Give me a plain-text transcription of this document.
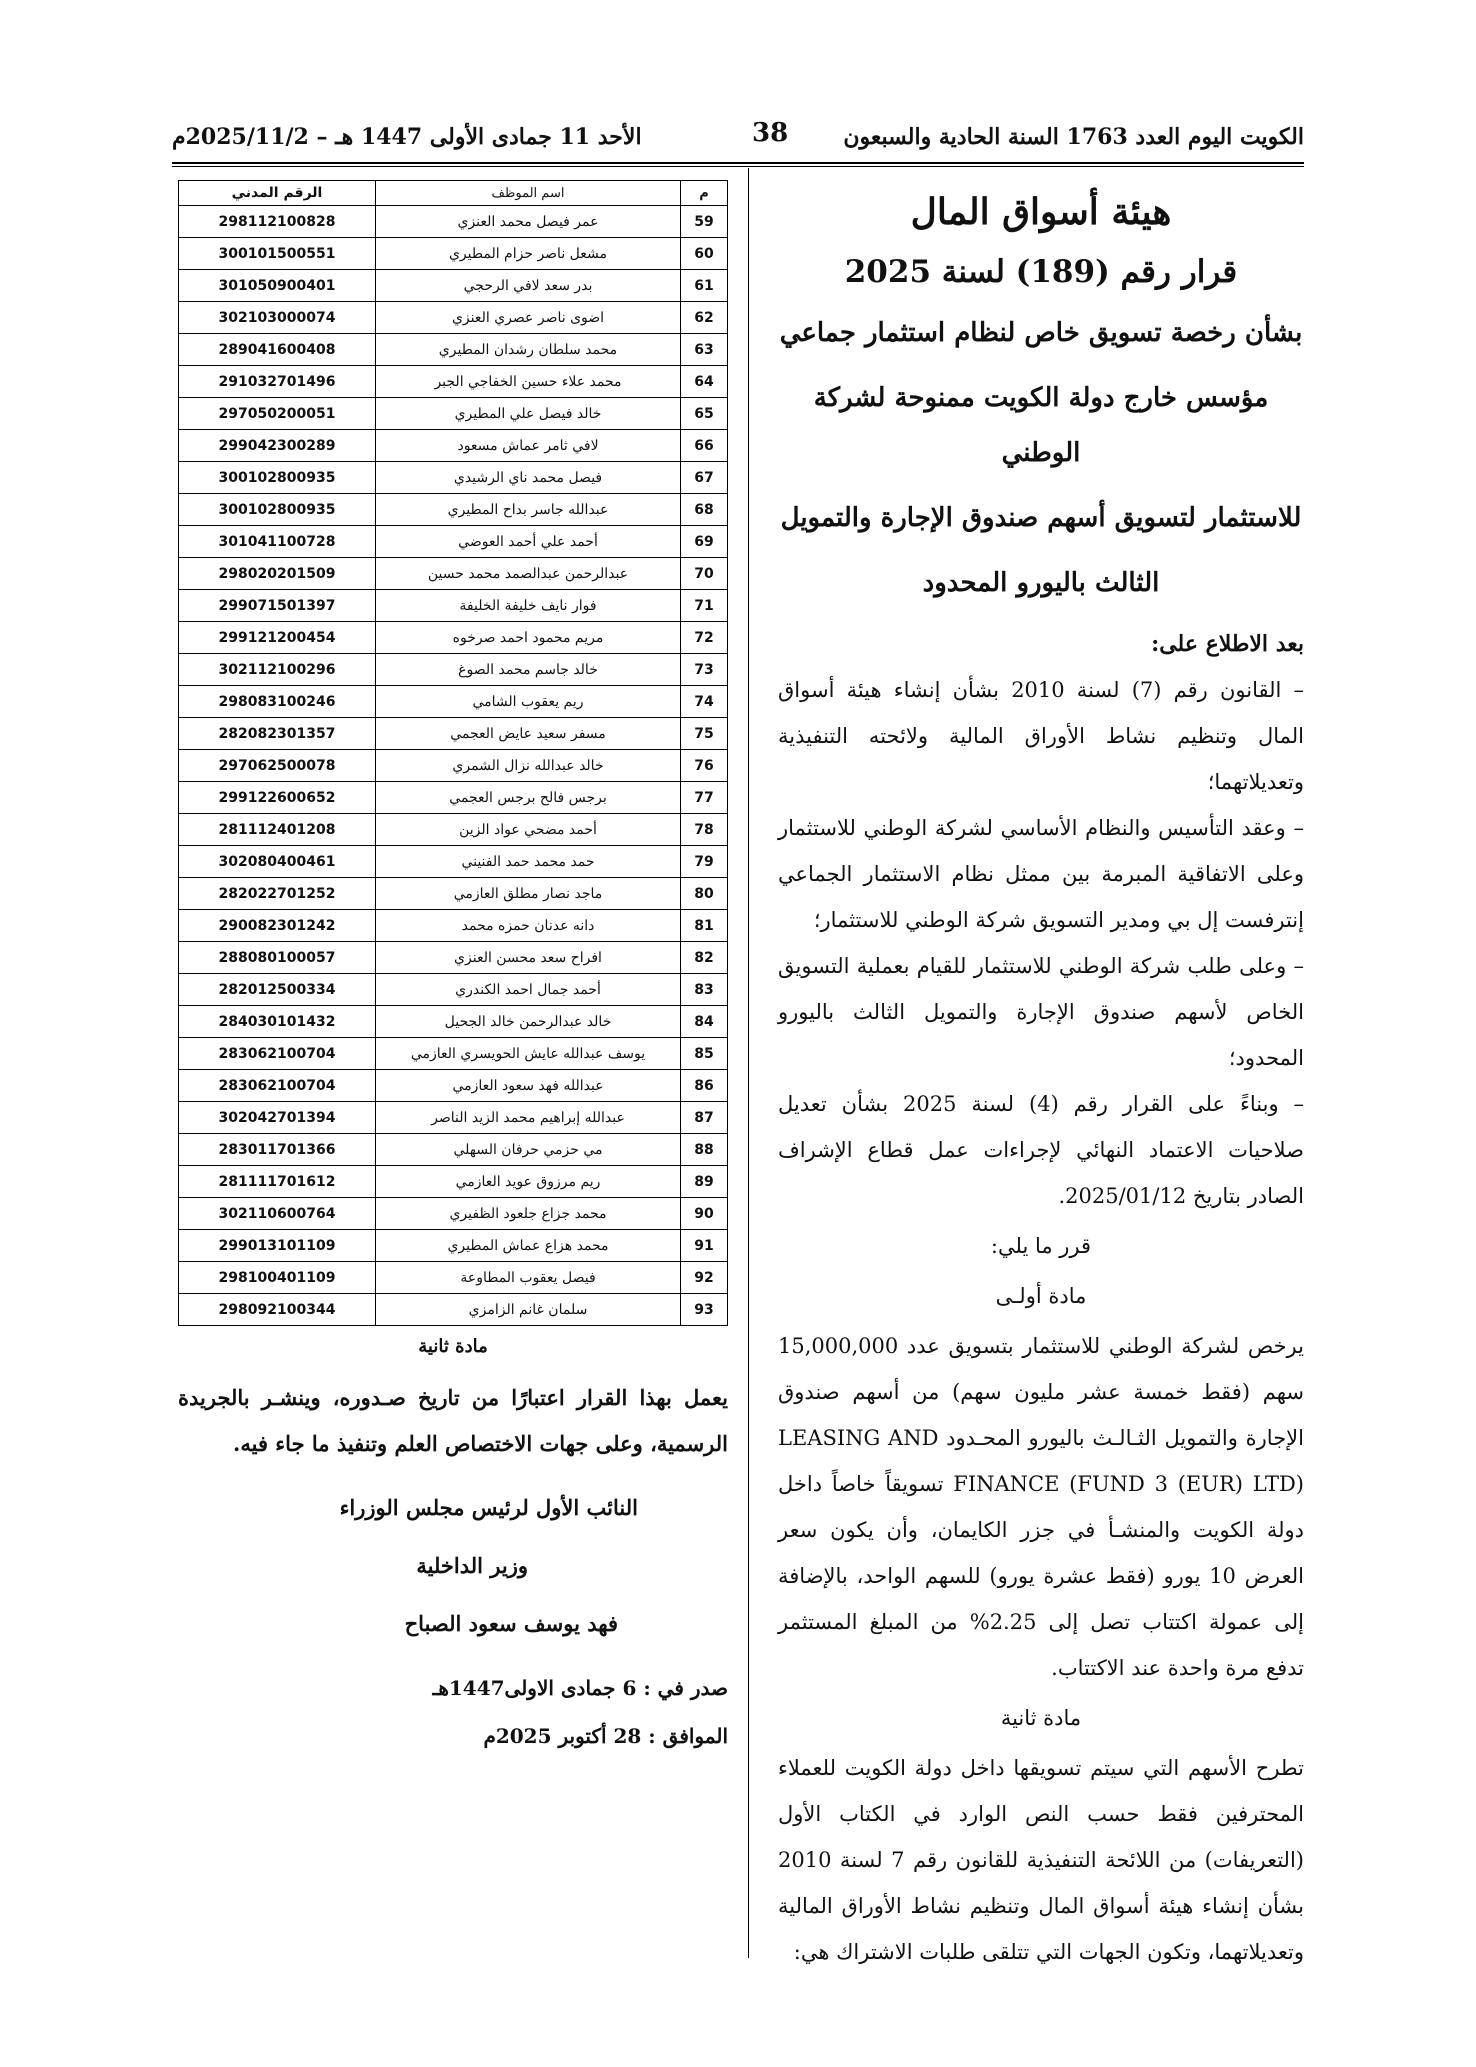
الكويت اليوم العدد 1763 السنة الحادية والسبعون
38
الأحد 11 جمادى الأولى 1447 هـ – 2025/11/2م
هيئة أسواق المال
قرار رقم (189) لسنة 2025
بشأن رخصة تسويق خاص لنظام استثمار جماعي
مؤسس خارج دولة الكويت ممنوحة لشركة الوطني
للاستثمار لتسويق أسهم صندوق الإجارة والتمويل
الثالث باليورو المحدود

بعد الاطلاع على:

– القانون رقم (7) لسنة 2010 بشأن إنشاء هيئة أسواق المال وتنظيم نشاط الأوراق المالية ولائحته التنفيذية وتعديلاتهما؛

– وعقد التأسيس والنظام الأساسي لشركة الوطني للاستثمار وعلى الاتفاقية المبرمة بين ممثل نظام الاستثمار الجماعي إنترفست إل بي ومدير التسويق شركة الوطني للاستثمار؛

– وعلى طلب شركة الوطني للاستثمار للقيام بعملية التسويق الخاص لأسهم صندوق الإجارة والتمويل الثالث باليورو المحدود؛

– وبناءً على القرار رقم (4) لسنة 2025 بشأن تعديل صلاحيات الاعتماد النهائي لإجراءات عمل قطاع الإشراف الصادر بتاريخ 2025/01/12.

قرر ما يلي:
مادة أولـى

يرخص لشركة الوطني للاستثمار بتسويق عدد 15,000,000 سهم (فقط خمسة عشر مليون سهم) من أسهم صندوق الإجارة والتمويل الثـالـث باليورو المحـدود LEASING AND FINANCE (FUND 3 (EUR) LTD) تسويقاً خاصاً داخل دولة الكويت والمنشـأ في جزر الكايمان، وأن يكون سعر العرض 10 يورو (فقط عشرة يورو) للسهم الواحد، بالإضافة إلى عمولة اكتتاب تصل إلى 2.25% من المبلغ المستثمر تدفع مرة واحدة عند الاكتتاب.

مادة ثانية

تطرح الأسهم التي سيتم تسويقها داخل دولة الكويت للعملاء المحترفين فقط حسب النص الوارد في الكتاب الأول (التعريفات) من اللائحة التنفيذية للقانون رقم 7 لسنة 2010 بشأن إنشاء هيئة أسواق المال وتنظيم نشاط الأوراق المالية وتعديلاتهما، وتكون الجهات التي تتلقى طلبات الاشتراك هي:

م	اسم الموظف	الرقم المدني
59	عمر فيصل محمد العنزي	298112100828
60	مشعل ناصر حزام المطيري	300101500551
61	بدر سعد لافي الرحجي	301050900401
62	اضوى ناصر عصري العنزي	302103000074
63	محمد سلطان رشدان المطيري	289041600408
64	محمد علاء حسين الخفاجي الجبر	291032701496
65	خالد فيصل علي المطيري	297050200051
66	لافي ثامر عماش مسعود	299042300289
67	فيصل محمد ناي الرشيدي	300102800935
68	عبدالله جاسر بداح المطيري	300102800935
69	أحمد علي أحمد العوضي	301041100728
70	عبدالرحمن عبدالصمد محمد حسين	298020201509
71	فوار نايف خليفة الخليفة	299071501397
72	مريم محمود احمد صرخوه	299121200454
73	خالد جاسم محمد الصوغ	302112100296
74	ريم يعقوب الشامي	298083100246
75	مسفر سعيد عايض العجمي	282082301357
76	خالد عبدالله نزال الشمري	297062500078
77	برجس فالح برجس العجمي	299122600652
78	أحمد مضحي عواد الزين	281112401208
79	حمد محمد حمد الفنيني	302080400461
80	ماجد نصار مطلق العازمي	282022701252
81	دانه عدنان حمزه محمد	290082301242
82	افراح سعد محسن العنزي	288080100057
83	أحمد جمال احمد الكندري	282012500334
84	خالد عبدالرحمن خالد الجحيل	284030101432
85	يوسف عبدالله عايش الحويسري العازمي	283062100704
86	عبدالله فهد سعود العازمي	283062100704
87	عبدالله إبراهيم محمد الزيد الناصر	302042701394
88	مي حزمي حرفان السهلي	283011701366
89	ريم مرزوق عويد العازمي	281111701612
90	محمد جزاع جلعود الظفيري	302110600764
91	محمد هزاع عماش المطيري	299013101109
92	فيصل يعقوب المطاوعة	298100401109
93	سلمان غانم الزامزي	298092100344
مادة ثانية

يعمل بهذا القرار اعتبارًا من تاريخ صـدوره، وينشـر بالجريدة الرسمية، وعلى جهات الاختصاص العلم وتنفيذ ما جاء فيه.

النائب الأول لرئيس مجلس الوزراء
وزير الداخلية
فهد يوسف سعود الصباح
صدر في : 6 جمادى الاولى1447هـ
الموافق : 28 أكتوبر 2025م
